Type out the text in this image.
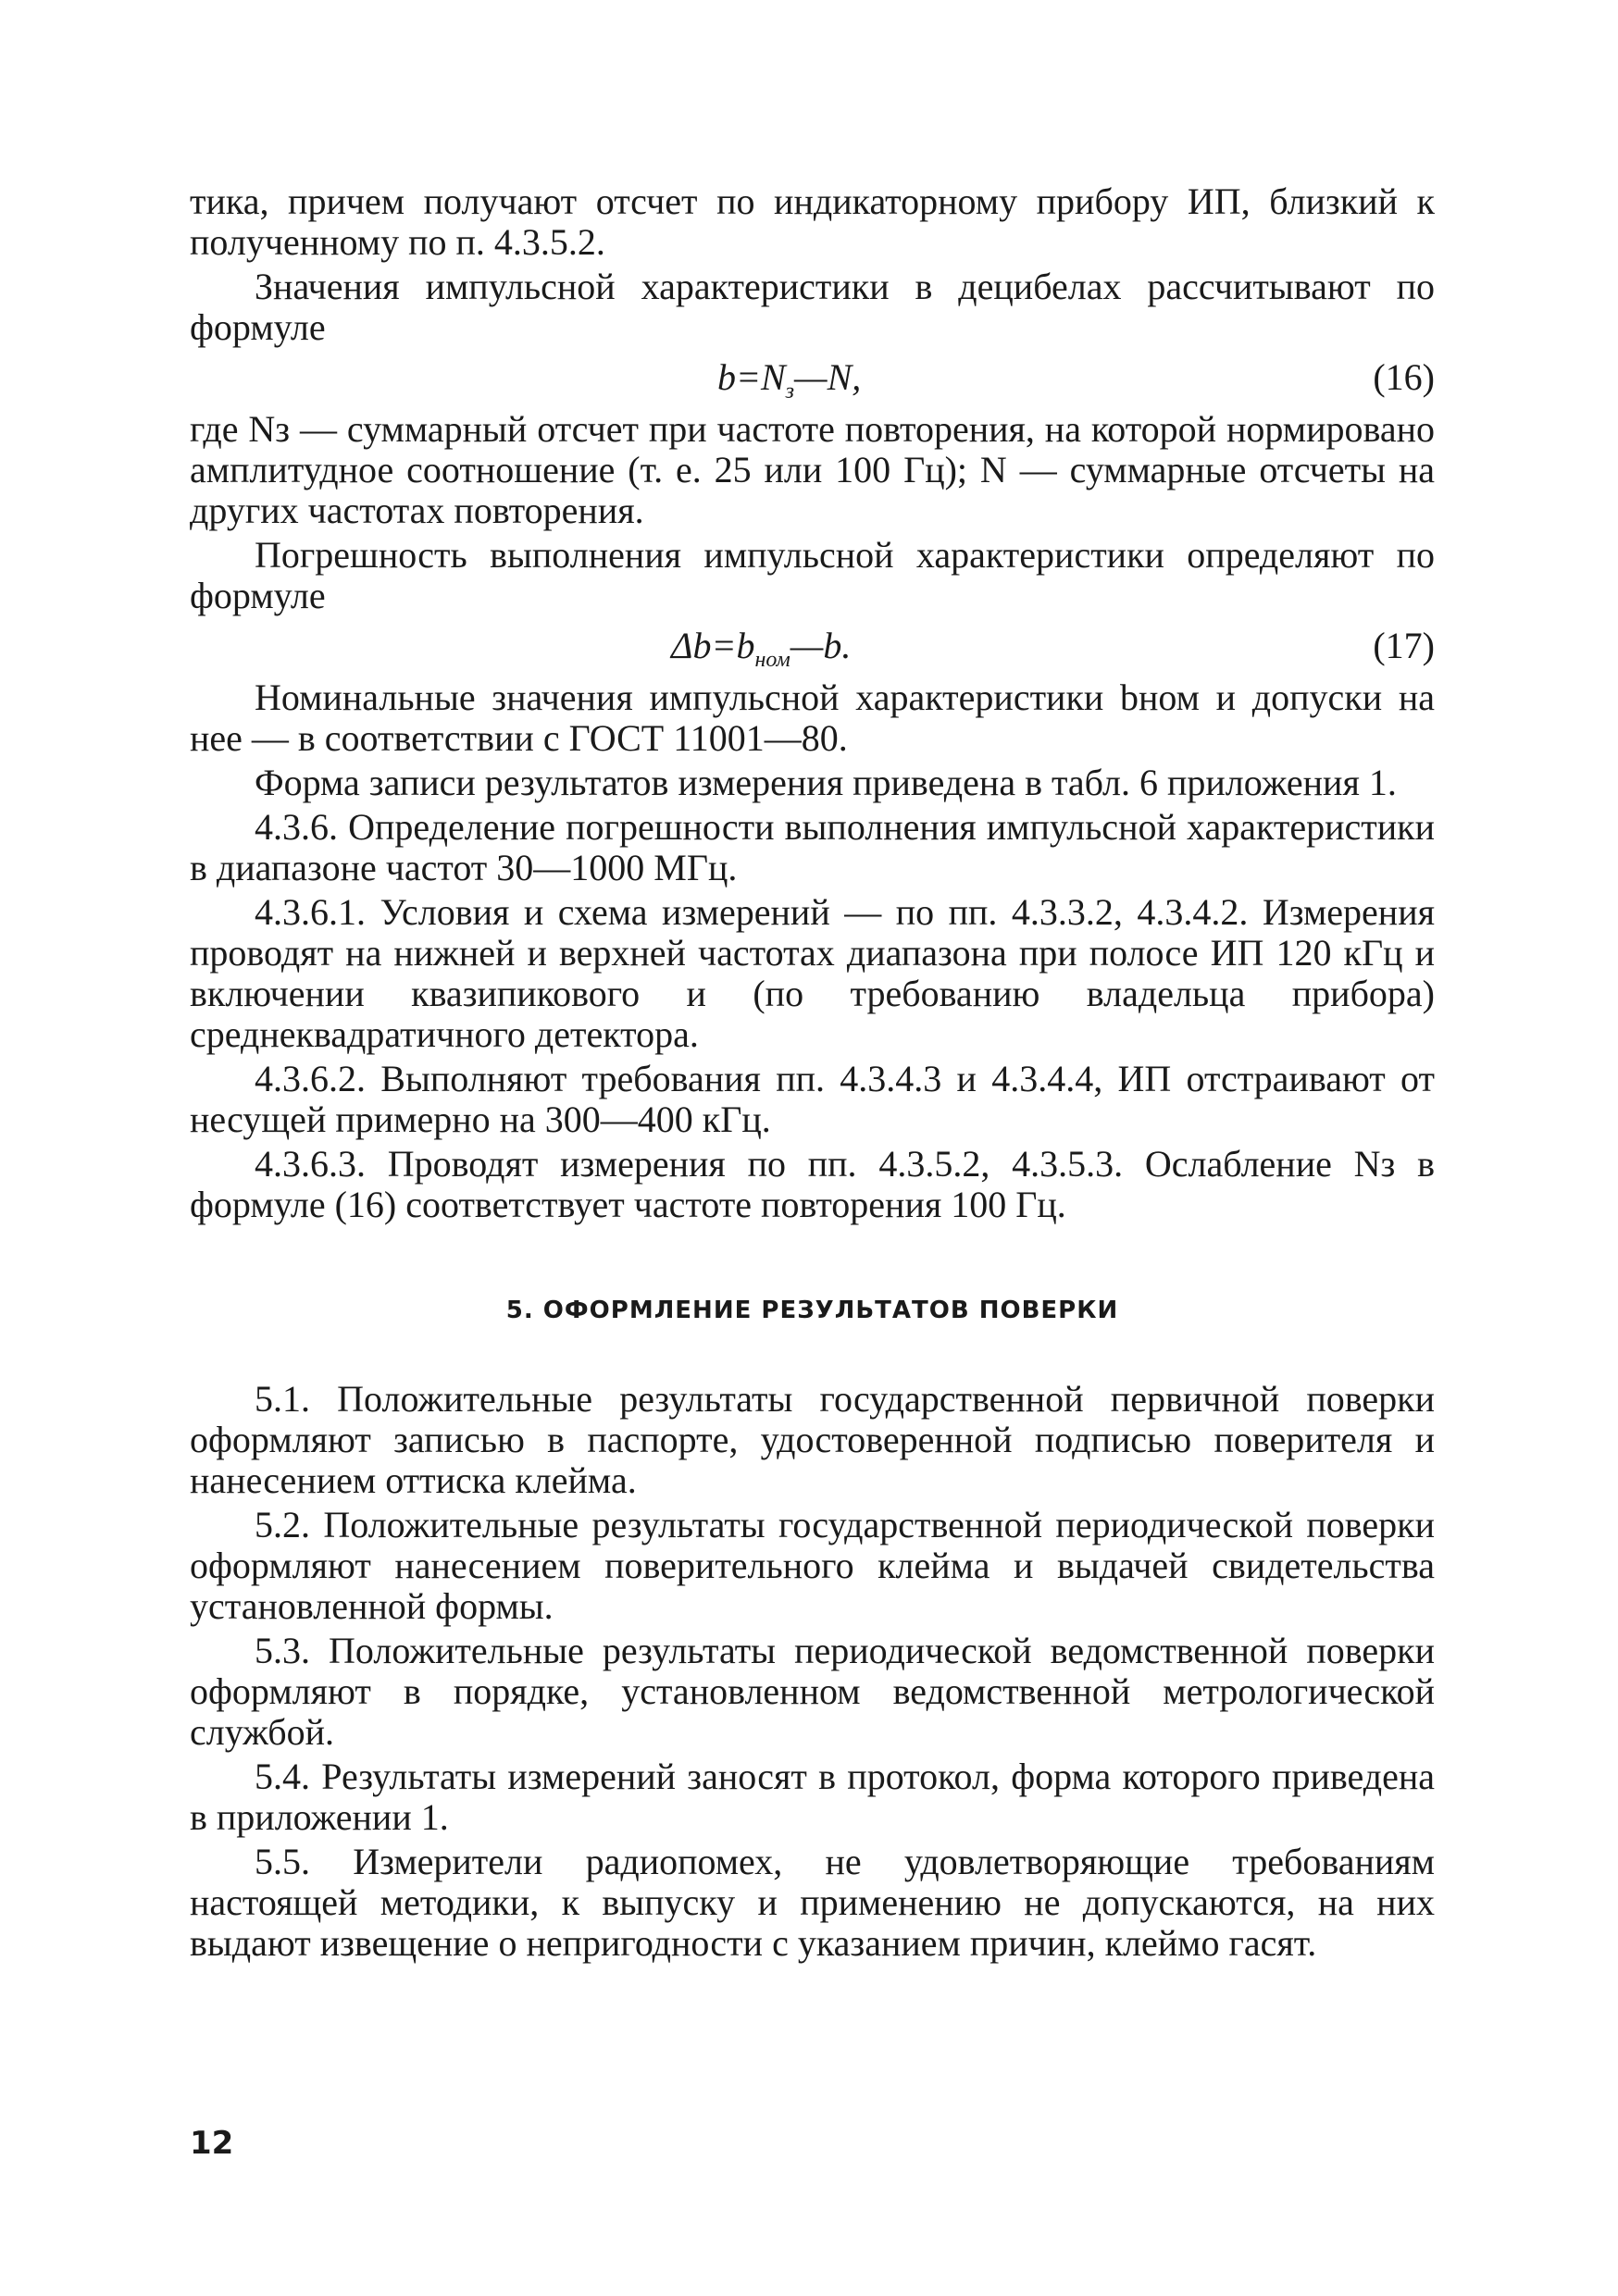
тика, причем получают отсчет по индикаторному прибору ИП, близкий к полученному по п. 4.3.5.2.

Значения импульсной характеристики в децибелах рассчитывают по формуле

$b=N_з—N$,	(16)

где Nз — суммарный отсчет при частоте повторения, на которой нормировано амплитудное соотношение (т. е. 25 или 100 Гц); N — суммарные отсчеты на других частотах повторения.

Погрешность выполнения импульсной характеристики определяют по формуле

$\Delta b=b_{ном}—b$.	(17)

Номинальные значения импульсной характеристики bном и допуски на нее — в соответствии с ГОСТ 11001—80.

Форма записи результатов измерения приведена в табл. 6 приложения 1.

4.3.6. Определение погрешности выполнения импульсной характеристики в диапазоне частот 30—1000 МГц.

4.3.6.1. Условия и схема измерений — по пп. 4.3.3.2, 4.3.4.2. Измерения проводят на нижней и верхней частотах диапазона при полосе ИП 120 кГц и включении квазипикового и (по требованию владельца прибора) среднеквадратичного детектора.

4.3.6.2. Выполняют требования пп. 4.3.4.3 и 4.3.4.4, ИП отстраивают от несущей примерно на 300—400 кГц.

4.3.6.3. Проводят измерения по пп. 4.3.5.2, 4.3.5.3. Ослабление Nз в формуле (16) соответствует частоте повторения 100 Гц.

5. ОФОРМЛЕНИЕ РЕЗУЛЬТАТОВ ПОВЕРКИ

5.1. Положительные результаты государственной первичной поверки оформляют записью в паспорте, удостоверенной подписью поверителя и нанесением оттиска клейма.

5.2. Положительные результаты государственной периодической поверки оформляют нанесением поверительного клейма и выдачей свидетельства установленной формы.

5.3. Положительные результаты периодической ведомственной поверки оформляют в порядке, установленном ведомственной метрологической службой.

5.4. Результаты измерений заносят в протокол, форма которого приведена в приложении 1.

5.5. Измерители радиопомех, не удовлетворяющие требованиям настоящей методики, к выпуску и применению не допускаются, на них выдают извещение о непригодности с указанием причин, клеймо гасят.

12
